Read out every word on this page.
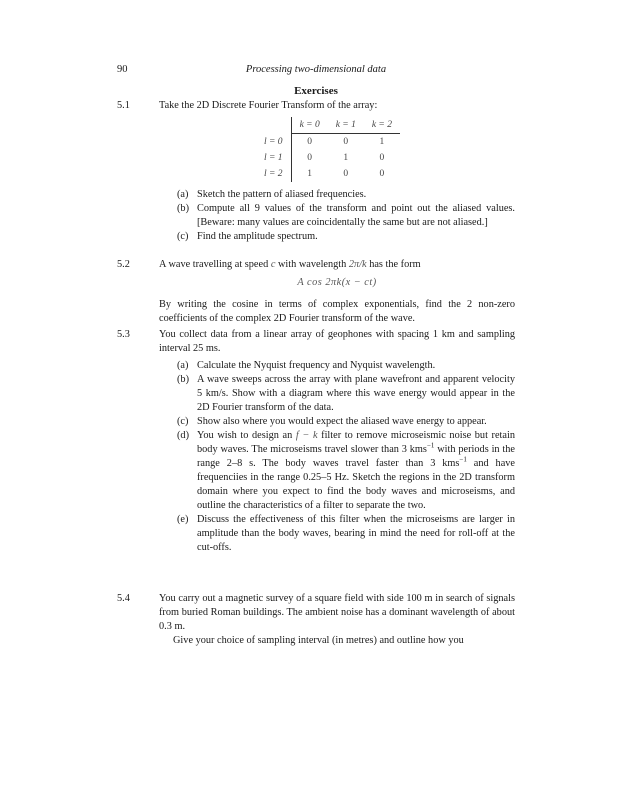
90	Processing two-dimensional data
Exercises
5.1	Take the 2D Discrete Fourier Transform of the array:
	k = 0	k = 1	k = 2
l = 0	0	0	1
l = 1	0	1	0
l = 2	1	0	0
(a) Sketch the pattern of aliased frequencies.
(b) Compute all 9 values of the transform and point out the aliased values. [Beware: many values are coincidentally the same but are not aliased.]
(c) Find the amplitude spectrum.
5.2	A wave travelling at speed c with wavelength 2π/k has the form
A cos 2πk(x − ct)
By writing the cosine in terms of complex exponentials, find the 2 non-zero coefficients of the complex 2D Fourier transform of the wave.
5.3	You collect data from a linear array of geophones with spacing 1 km and sampling interval 25 ms.
(a) Calculate the Nyquist frequency and Nyquist wavelength.
(b) A wave sweeps across the array with plane wavefront and apparent velocity 5 km/s. Show with a diagram where this wave energy would appear in the 2D Fourier transform of the data.
(c) Show also where you would expect the aliased wave energy to appear.
(d) You wish to design an f − k filter to remove microseismic noise but retain body waves. The microseisms travel slower than 3 kms$^{-1}$ with periods in the range 2–8 s. The body waves travel faster than 3 kms$^{-1}$ and have frequenciies in the range 0.25–5 Hz. Sketch the regions in the 2D transform domain where you expect to find the body waves and microseisms, and outline the characteristics of a filter to separate the two.
(e) Discuss the effectiveness of this filter when the microseisms are larger in amplitude than the body waves, bearing in mind the need for roll-off at the cut-offs.
5.4	You carry out a magnetic survey of a square field with side 100 m in search of signals from buried Roman buildings. The ambient noise has a dominant wavelength of about 0.3 m.
Give your choice of sampling interval (in metres) and outline how you
